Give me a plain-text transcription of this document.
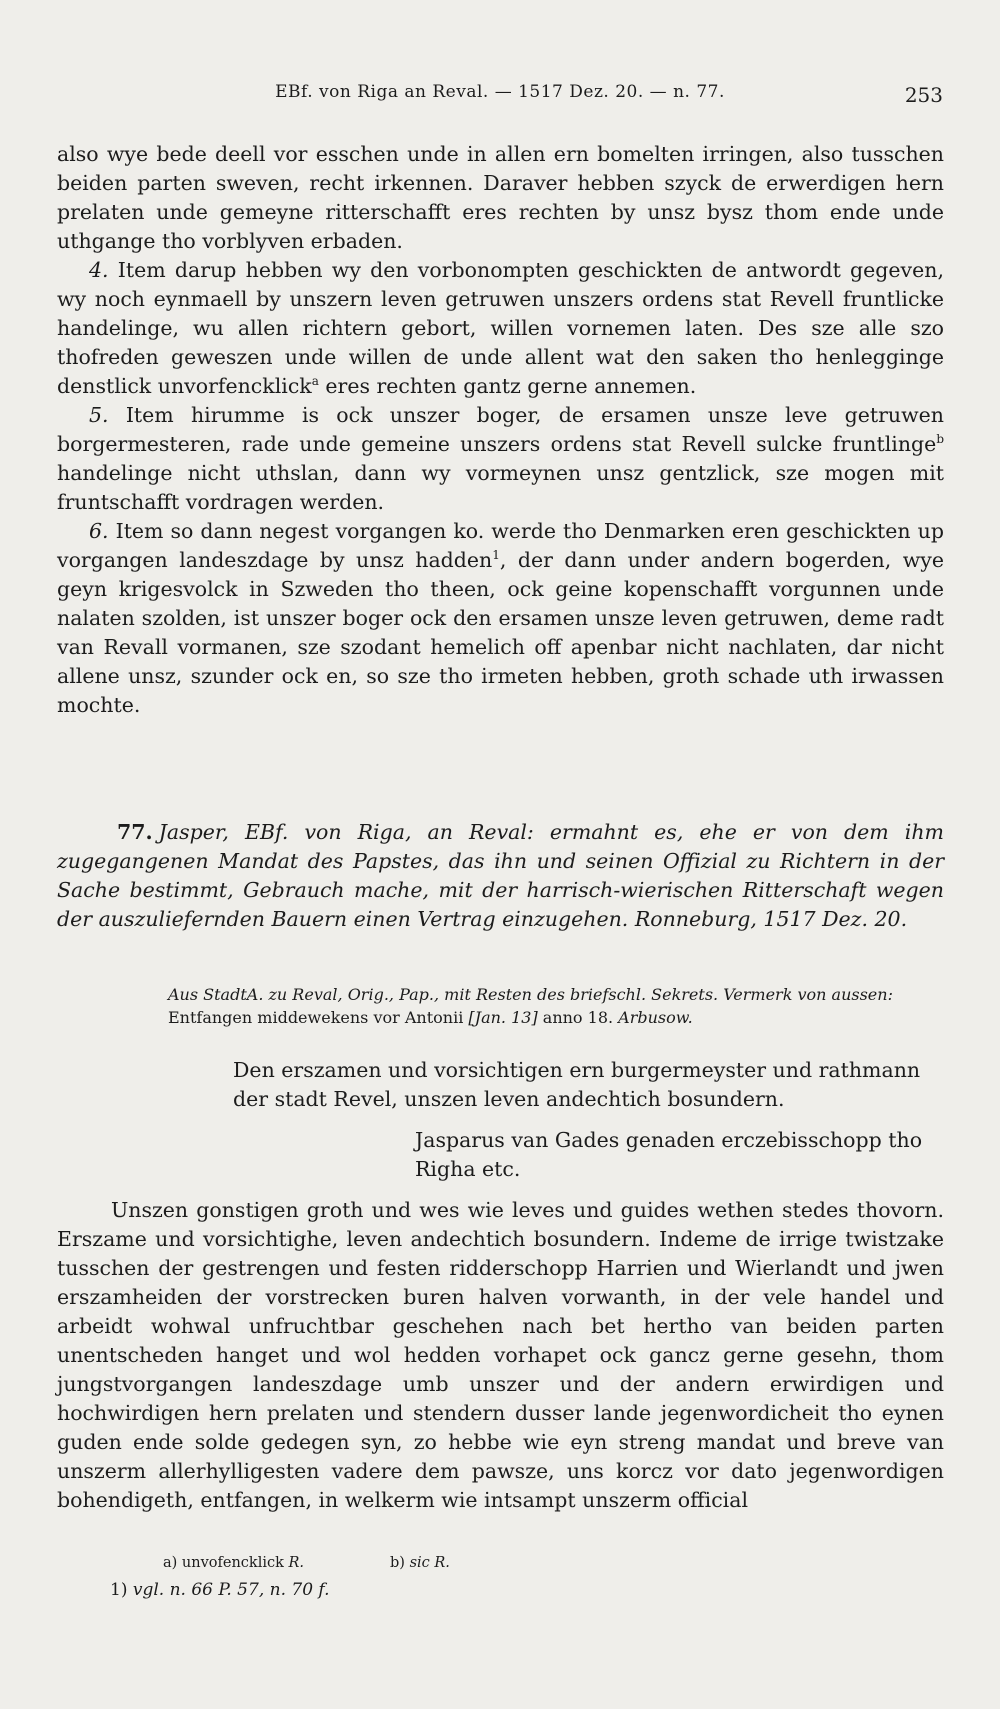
EBf. von Riga an Reval. — 1517 Dez. 20. — n. 77.	253

also wye bede deell vor esschen unde in allen ern bomelten irringen, also tusschen beiden parten sweven, recht irkennen. Daraver hebben szyck de erwerdigen hern prelaten unde gemeyne ritterschafft eres rechten by unsz bysz thom ende unde uthgange tho vorblyven erbaden.

4. Item darup hebben wy den vorbonompten geschickten de antwordt gegeven, wy noch eynmaell by unszern leven getruwen unszers ordens stat Revell fruntlicke handelinge, wu allen richtern gebort, willen vornemen laten. Des sze alle szo thofreden geweszen unde willen de unde allent wat den saken tho henlegginge denstlick unvorfencklick$^a$ eres rechten gantz gerne annemen.

5. Item hirumme is ock unszer boger, de ersamen unsze leve getruwen borgermesteren, rade unde gemeine unszers ordens stat Revell sulcke fruntlinge$^b$ handelinge nicht uthslan, dann wy vormeynen unsz gentzlick, sze mogen mit fruntschafft vordragen werden.

6. Item so dann negest vorgangen ko. werde tho Denmarken eren geschickten up vorgangen landeszdage by unsz hadden$^1$, der dann under andern bogerden, wye geyn krigesvolck in Szweden tho theen, ock geine kopenschafft vorgunnen unde nalaten szolden, ist unszer boger ock den ersamen unsze leven getruwen, deme radt van Revall vormanen, sze szodant hemelich off apenbar nicht nachlaten, dar nicht allene unsz, szunder ock en, so sze tho irmeten hebben, groth schade uth irwassen mochte.

77. Jasper, EBf. von Riga, an Reval: ermahnt es, ehe er von dem ihm zugegangenen Mandat des Papstes, das ihn und seinen Offizial zu Richtern in der Sache bestimmt, Gebrauch mache, mit der harrisch-wierischen Ritterschaft wegen der auszuliefernden Bauern einen Vertrag einzugehen. Ronneburg, 1517 Dez. 20.

Aus StadtA. zu Reval, Orig., Pap., mit Resten des briefschl. Sekrets. Vermerk von aussen: Entfangen middewekens vor Antonii [Jan. 13] anno 18. Arbusow.

Den erszamen und vorsichtigen ern burgermeyster und rathmann der stadt Revel, unszen leven andechtich bosundern.

Jasparus van Gades genaden erczebisschopp tho Righa etc.

Unszen gonstigen groth und wes wie leves und guides wethen stedes thovorn. Erszame und vorsichtighe, leven andechtich bosundern. Indeme de irrige twistzake tusschen der gestrengen und festen ridderschopp Harrien und Wierlandt und jwen erszamheiden der vorstrecken buren halven vorwanth, in der vele handel und arbeidt wohwal unfruchtbar geschehen nach bet hertho van beiden parten unentscheden hanget und wol hedden vorhapet ock gancz gerne gesehn, thom jungstvorgangen landeszdage umb unszer und der andern erwirdigen und hochwirdigen hern prelaten und stendern dusser lande jegenwordicheit tho eynen guden ende solde gedegen syn, zo hebbe wie eyn streng mandat und breve van unszerm allerhylligesten vadere dem pawsze, uns korcz vor dato jegenwordigen bohendigeth, entfangen, in welkerm wie intsampt unszerm official

a) unvofencklick R.	b) sic R.
1) vgl. n. 66 P. 57, n. 70 f.
